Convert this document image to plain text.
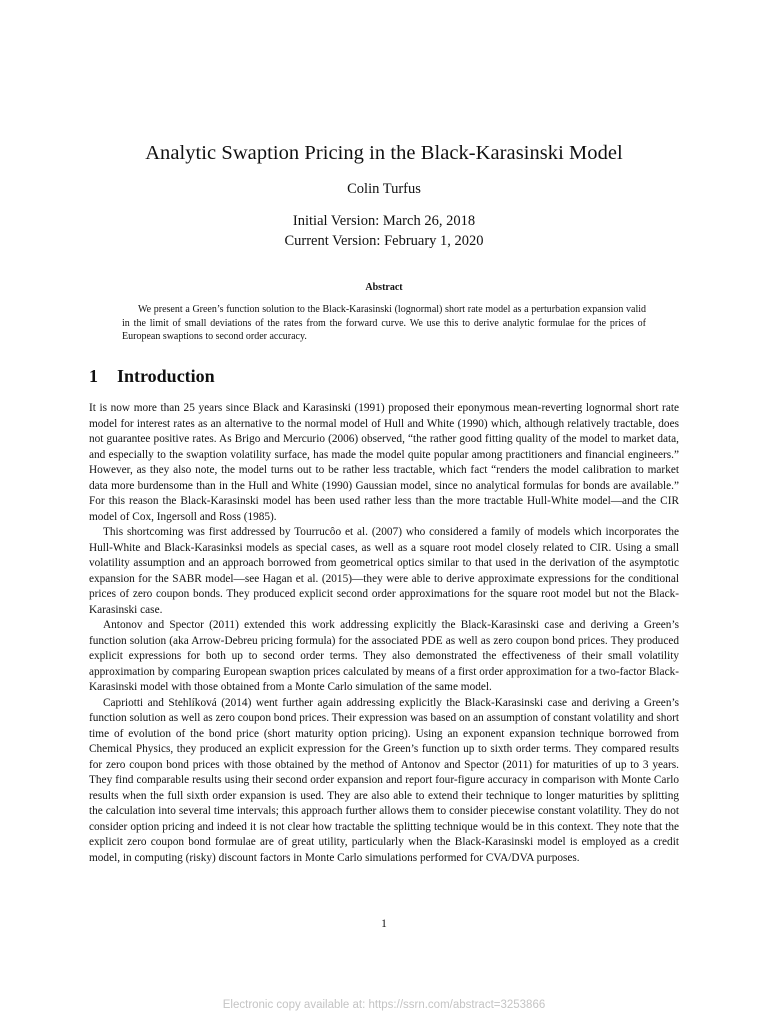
Analytic Swaption Pricing in the Black-Karasinski Model
Colin Turfus
Initial Version: March 26, 2018
Current Version: February 1, 2020
Abstract
We present a Green’s function solution to the Black-Karasinski (lognormal) short rate model as a perturbation expansion valid in the limit of small deviations of the rates from the forward curve. We use this to derive analytic formulae for the prices of European swaptions to second order accuracy.
1 Introduction

It is now more than 25 years since Black and Karasinski (1991) proposed their eponymous mean-reverting lognormal short rate model for interest rates as an alternative to the normal model of Hull and White (1990) which, although relatively tractable, does not guarantee positive rates. As Brigo and Mercurio (2006) observed, “the rather good fitting quality of the model to market data, and especially to the swaption volatility surface, has made the model quite popular among practitioners and financial engineers.” However, as they also note, the model turns out to be rather less tractable, which fact “renders the model calibration to market data more burdensome than in the Hull and White (1990) Gaussian model, since no analytical formulas for bonds are available.” For this reason the Black-Karasinski model has been used rather less than the more tractable Hull-White model—and the CIR model of Cox, Ingersoll and Ross (1985).

This shortcoming was first addressed by Tourrucôo et al. (2007) who considered a family of models which incorporates the Hull-White and Black-Karasinksi models as special cases, as well as a square root model closely related to CIR. Using a small volatility assumption and an approach borrowed from geometrical optics similar to that used in the derivation of the asymptotic expansion for the SABR model—see Hagan et al. (2015)—they were able to derive approximate expressions for the conditional prices of zero coupon bonds. They produced explicit second order approximations for the square root model but not the Black-Karasinski case.

Antonov and Spector (2011) extended this work addressing explicitly the Black-Karasinski case and deriving a Green’s function solution (aka Arrow-Debreu pricing formula) for the associated PDE as well as zero coupon bond prices. They produced explicit expressions for both up to second order terms. They also demonstrated the effectiveness of their small volatility approximation by comparing European swaption prices calculated by means of a first order approximation for a two-factor Black-Karasinski model with those obtained from a Monte Carlo simulation of the same model.

Capriotti and Stehlíková (2014) went further again addressing explicitly the Black-Karasinski case and deriving a Green’s function solution as well as zero coupon bond prices. Their expression was based on an assumption of constant volatility and short time of evolution of the bond price (short maturity option pricing). Using an exponent expansion technique borrowed from Chemical Physics, they produced an explicit expression for the Green’s function up to sixth order terms. They compared results for zero coupon bond prices with those obtained by the method of Antonov and Spector (2011) for maturities of up to 3 years. They find comparable results using their second order expansion and report four-figure accuracy in comparison with Monte Carlo results when the full sixth order expansion is used. They are also able to extend their technique to longer maturities by splitting the calculation into several time intervals; this approach further allows them to consider piecewise constant volatility. They do not consider option pricing and indeed it is not clear how tractable the splitting technique would be in this context. They note that the explicit zero coupon bond formulae are of great utility, particularly when the Black-Karasinski model is employed as a credit model, in computing (risky) discount factors in Monte Carlo simulations performed for CVA/DVA purposes.

1
Electronic copy available at: https://ssrn.com/abstract=3253866
